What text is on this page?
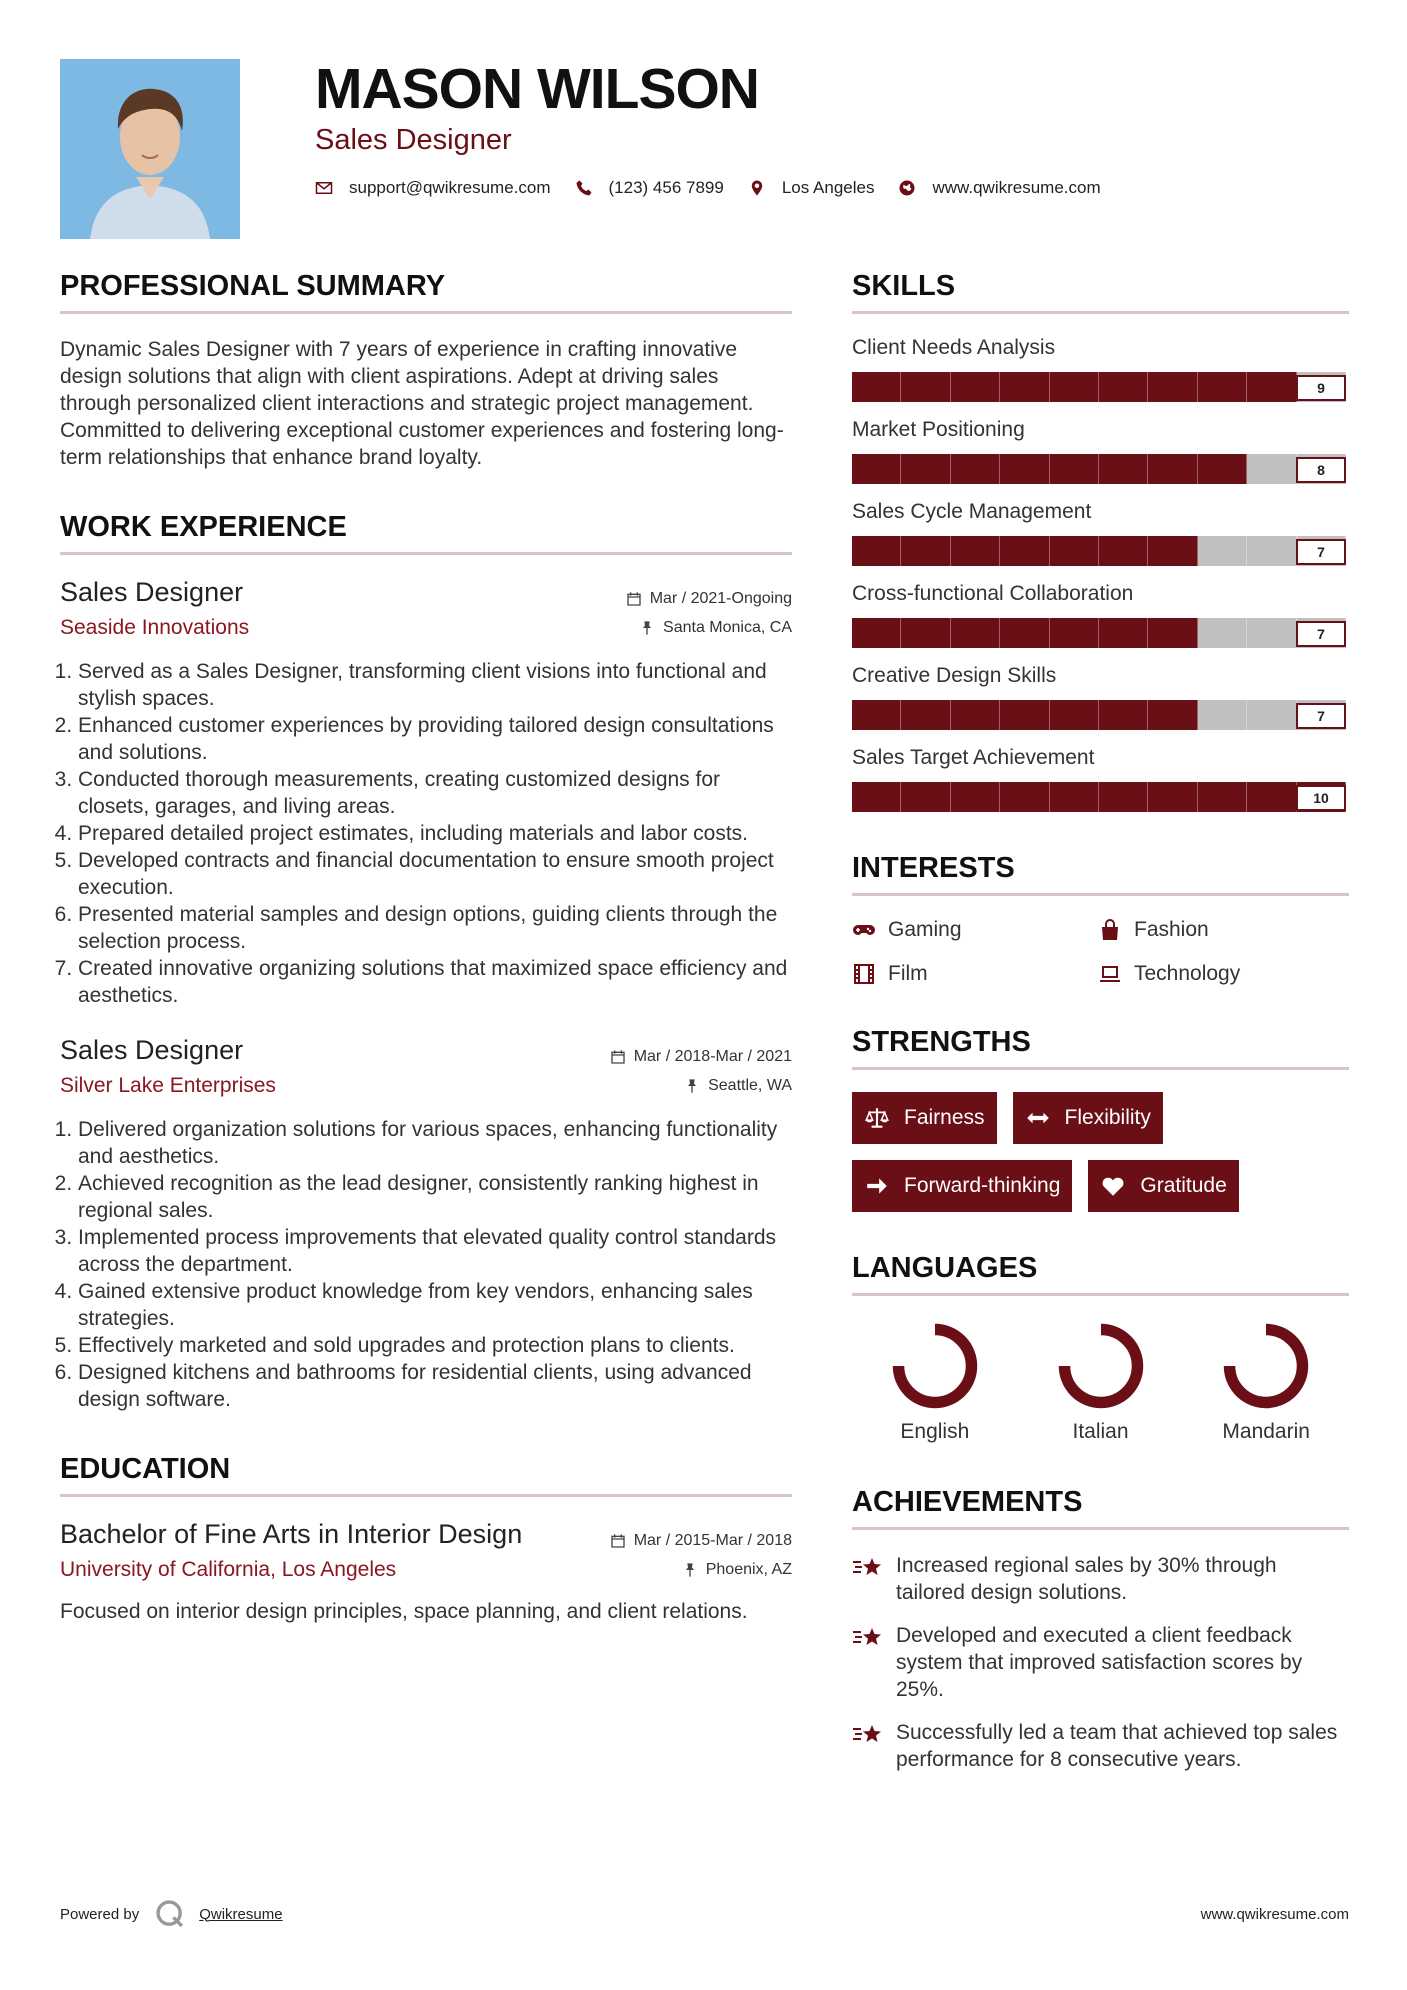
MASON WILSON
Sales Designer
support@qwikresume.com	(123) 456 7899	Los Angeles	www.qwikresume.com
PROFESSIONAL SUMMARY
Dynamic Sales Designer with 7 years of experience in crafting innovative design solutions that align with client aspirations. Adept at driving sales through personalized client interactions and strategic project management. Committed to delivering exceptional customer experiences and fostering long-term relationships that enhance brand loyalty.
WORK EXPERIENCE
Sales Designer	Mar / 2021-Ongoing
Seaside Innovations	Santa Monica, CA
1. Served as a Sales Designer, transforming client visions into functional and stylish spaces.
2. Enhanced customer experiences by providing tailored design consultations and solutions.
3. Conducted thorough measurements, creating customized designs for closets, garages, and living areas.
4. Prepared detailed project estimates, including materials and labor costs.
5. Developed contracts and financial documentation to ensure smooth project execution.
6. Presented material samples and design options, guiding clients through the selection process.
7. Created innovative organizing solutions that maximized space efficiency and aesthetics.
Sales Designer	Mar / 2018-Mar / 2021
Silver Lake Enterprises	Seattle, WA
1. Delivered organization solutions for various spaces, enhancing functionality and aesthetics.
2. Achieved recognition as the lead designer, consistently ranking highest in regional sales.
3. Implemented process improvements that elevated quality control standards across the department.
4. Gained extensive product knowledge from key vendors, enhancing sales strategies.
5. Effectively marketed and sold upgrades and protection plans to clients.
6. Designed kitchens and bathrooms for residential clients, using advanced design software.
EDUCATION
Bachelor of Fine Arts in Interior Design	Mar / 2015-Mar / 2018
University of California, Los Angeles	Phoenix, AZ
Focused on interior design principles, space planning, and client relations.
SKILLS
Client Needs Analysis
9
Market Positioning
8
Sales Cycle Management
7
Cross-functional Collaboration
7
Creative Design Skills
7
Sales Target Achievement
10
INTERESTS
Gaming	Fashion
Film	Technology
STRENGTHS
Fairness	Flexibility
Forward-thinking	Gratitude
LANGUAGES
English	Italian	Mandarin
ACHIEVEMENTS
Increased regional sales by 30% through tailored design solutions.
Developed and executed a client feedback system that improved satisfaction scores by 25%.
Successfully led a team that achieved top sales performance for 8 consecutive years.
Powered by	Qwikresume	www.qwikresume.com
